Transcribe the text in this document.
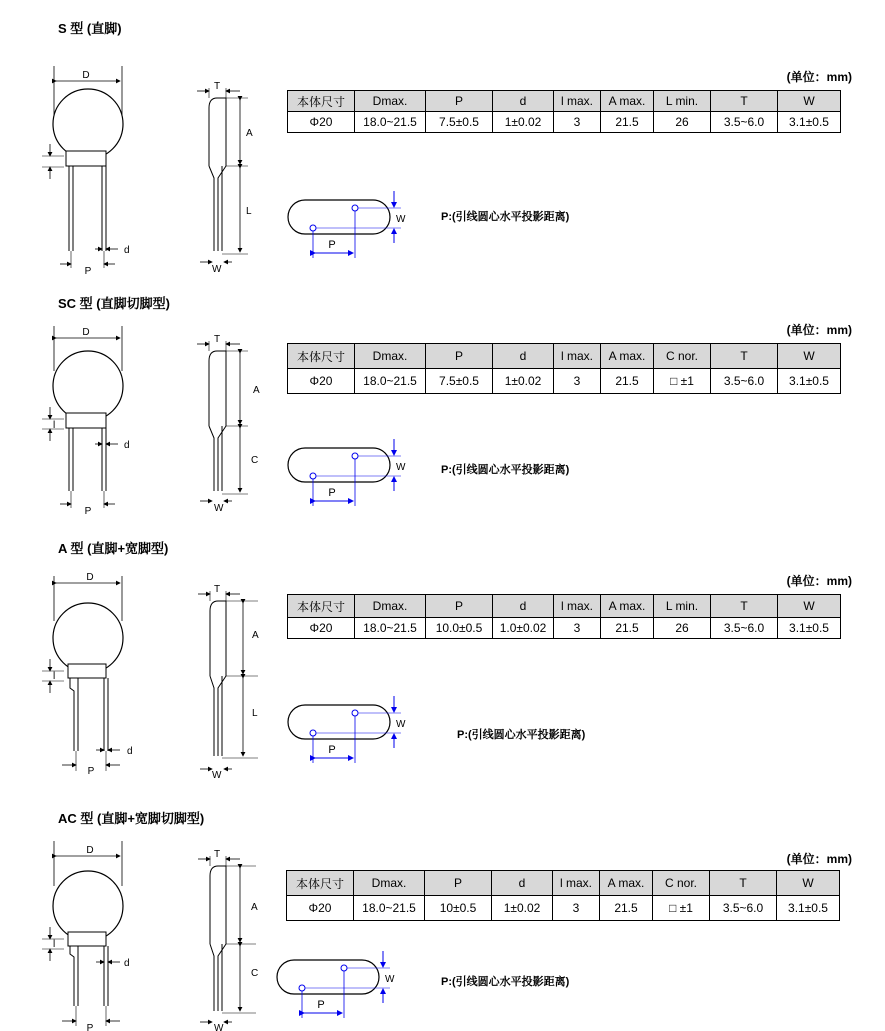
S 型 (直脚)
D
P
d
T
A
L
W
(单位：mm)
本体尺寸	Dmax.	P	d	l max.	A max.	L min.	T	W
Φ20	18.0~21.5	7.5±0.5	1±0.02	3	21.5	26	3.5~6.0	3.1±0.5
P
W	P:(引线圆心水平投影距离)
SC 型 (直脚切脚型)
D
l
P
d
T
A
C
W
(单位：mm)
本体尺寸	Dmax.	P	d	l max.	A max.	C nor.	T	W
Φ20	18.0~21.5	7.5±0.5	1±0.02	3	21.5	□ ±1	3.5~6.0	3.1±0.5
P
W	P:(引线圆心水平投影距离)
A 型 (直脚+宽脚型)
D
l
P
d
T
A
L
W
(单位：mm)
本体尺寸	Dmax.	P	d	l max.	A max.	L min.	T	W
Φ20	18.0~21.5	10.0±0.5	1.0±0.02	3	21.5	26	3.5~6.0	3.1±0.5
P
W
P:(引线圆心水平投影距离)
AC 型 (直脚+宽脚切脚型)
D
l
P
d
T
A
C
W
(单位：mm)
本体尺寸	Dmax.	P	d	l max.	A max.	C nor.	T	W
Φ20	18.0~21.5	10±0.5	1±0.02	3	21.5	□ ±1	3.5~6.0	3.1±0.5
P
W	P:(引线圆心水平投影距离)
